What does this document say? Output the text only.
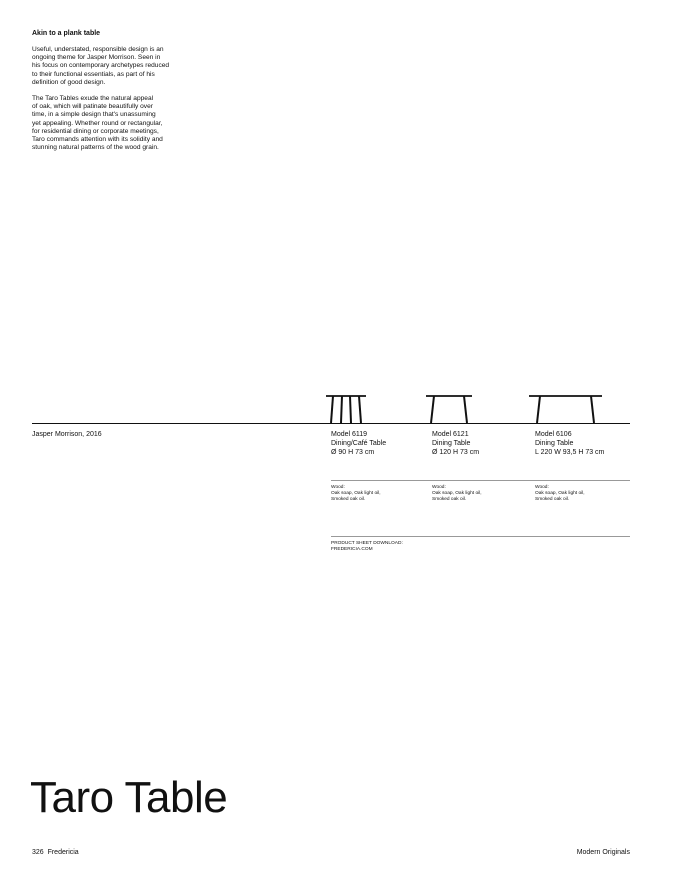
Akin to a plank table

Useful, understated, responsible design is an
ongoing theme for Jasper Morrison. Seen in
his focus on contemporary archetypes reduced
to their functional essentials, as part of his
definition of good design.

The Taro Tables exude the natural appeal
of oak, which will patinate beautifully over
time, in a simple design that's unassuming
yet appealing. Whether round or rectangular,
for residential dining or corporate meetings,
Taro commands attention with its solidity and
stunning natural patterns of the wood grain.

Jasper Morrison, 2016	Model 6119
Dining/Café Table
Ø 90 H 73 cm
Model 6121
Dining Table
Ø 120 H 73 cm
Model 6106
Dining Table
L 220 W 93,5 H 73 cm
Wood:
Oak soap, Oak light oil,
Smoked oak oil.
Wood:
Oak soap, Oak light oil,
Smoked oak oil.
Wood:
Oak soap, Oak light oil,
Smoked oak oil.
PRODUCT SHEET DOWNLOAD:
FREDERICIA.COM
Taro Table
326 Fredericia	Modern Originals
